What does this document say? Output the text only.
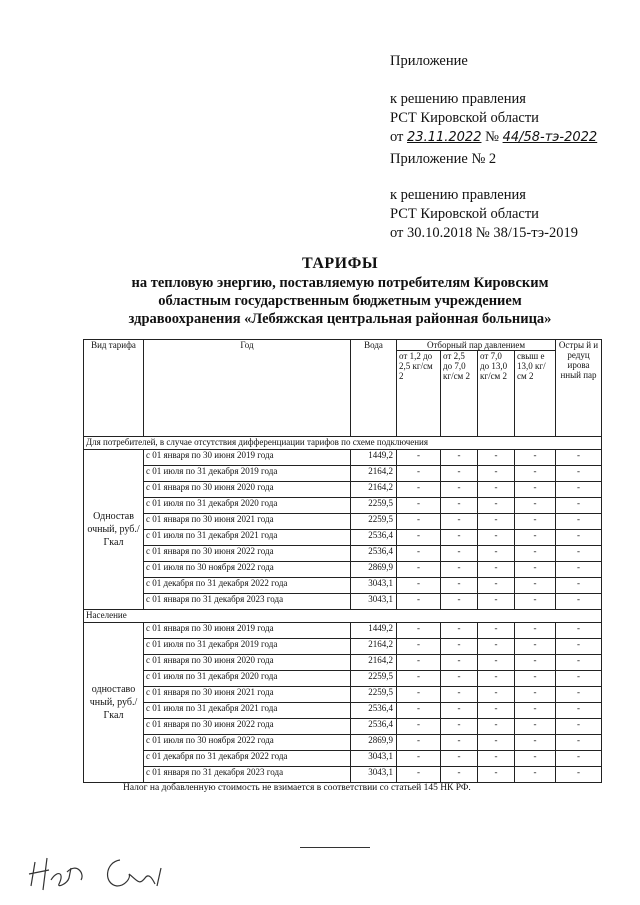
Приложение
к решению правления
РСТ Кировской области
от 23.11.2022 № 44/58-тэ-2022
Приложение № 2
к решению правления
РСТ Кировской области
от 30.10.2018 № 38/15-тэ-2019
ТАРИФЫ
на тепловую энергию, поставляемую потребителям Кировским
областным государственным бюджетным учреждением
здравоохранения «Лебяжская центральная районная больница»
Вид тарифа	Год	Вода	Отборный пар давлением				Остры й и редуц ирова нный пар
			от 1,2 до 2,5 кг/см 2	от 2,5 до 7,0 кг/см 2	от 7,0 до 13,0 кг/см 2	свыш е 13,0 кг/см 2	
Для потребителей, в случае отсутствия дифференциации тарифов по схеме подключения							
Одностав очный, руб./ Гкал	с 01 января по 30 июня 2019 года	1449,2	-	-	-	-	-
	с 01 июля по 31 декабря 2019 года	2164,2	-	-	-	-	-
	с 01 января по 30 июня 2020 года	2164,2	-	-	-	-	-
	с 01 июля по 31 декабря 2020 года	2259,5	-	-	-	-	-
	с 01 января по 30 июня 2021 года	2259,5	-	-	-	-	-
	с 01 июля по 31 декабря 2021 года	2536,4	-	-	-	-	-
	с 01 января по 30 июня 2022 года	2536,4	-	-	-	-	-
	с 01 июля по 30 ноября 2022 года	2869,9	-	-	-	-	-
	с 01 декабря по 31 декабря 2022 года	3043,1	-	-	-	-	-
	с 01 января по 31 декабря 2023 года	3043,1	-	-	-	-	-
Население							
одноставо чный, руб./ Гкал	с 01 января по 30 июня 2019 года	1449,2	-	-	-	-	-
	с 01 июля по 31 декабря 2019 года	2164,2	-	-	-	-	-
	с 01 января по 30 июня 2020 года	2164,2	-	-	-	-	-
	с 01 июля по 31 декабря 2020 года	2259,5	-	-	-	-	-
	с 01 января по 30 июня 2021 года	2259,5	-	-	-	-	-
	с 01 июля по 31 декабря 2021 года	2536,4	-	-	-	-	-
	с 01 января по 30 июня 2022 года	2536,4	-	-	-	-	-
	с 01 июля по 30 ноября 2022 года	2869,9	-	-	-	-	-
	с 01 декабря по 31 декабря 2022 года	3043,1	-	-	-	-	-
	с 01 января по 31 декабря 2023 года	3043,1	-	-	-	-	-
Налог на добавленную стоимость не взимается в соответствии со статьей 145 НК РФ.
